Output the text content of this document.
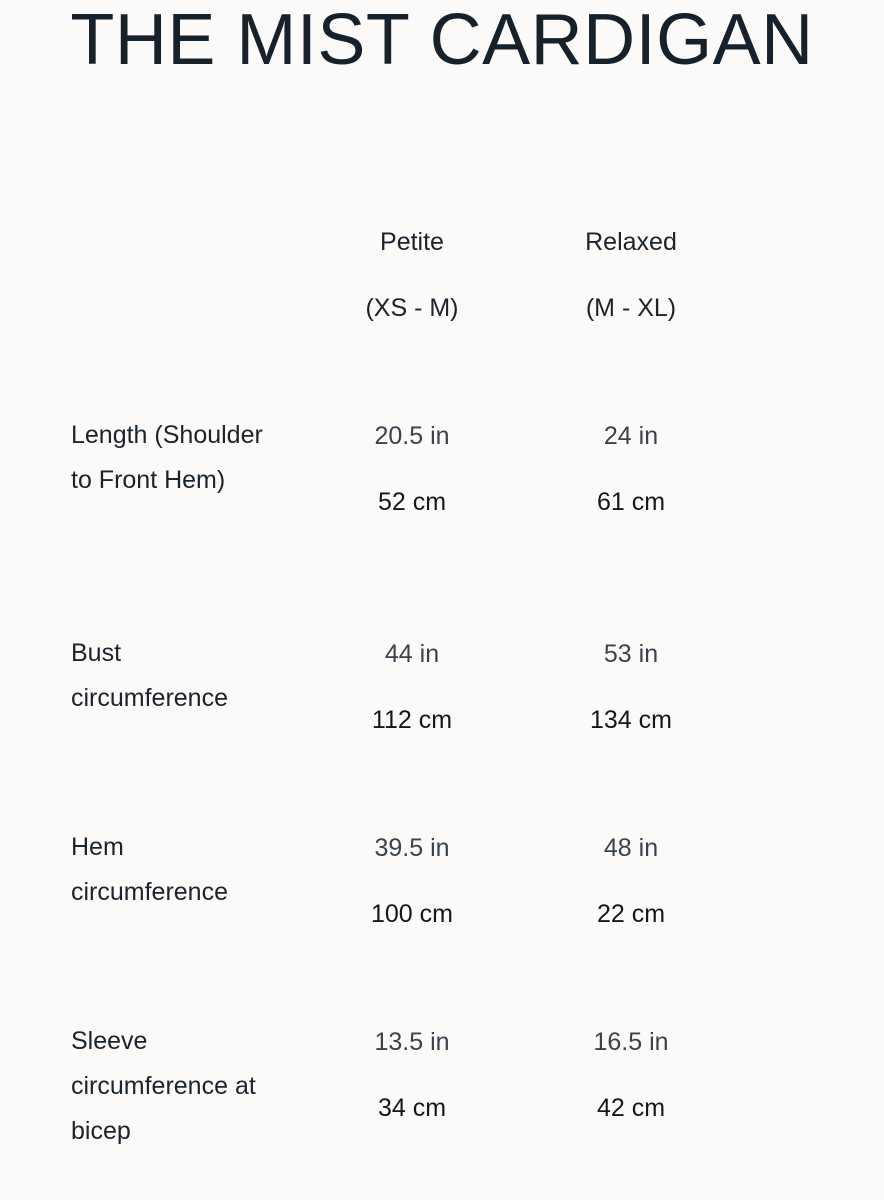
THE MIST CARDIGAN
Petite
(XS - M)
Relaxed
(M - XL)
Length (Shoulder to Front Hem)
20.5 in
52 cm
24 in
61 cm
Bust circumference
44 in
112 cm
53 in
134 cm
Hem circumference
39.5 in
100 cm
48 in
22 cm
Sleeve circumference at bicep
13.5 in
34 cm
16.5 in
42 cm
